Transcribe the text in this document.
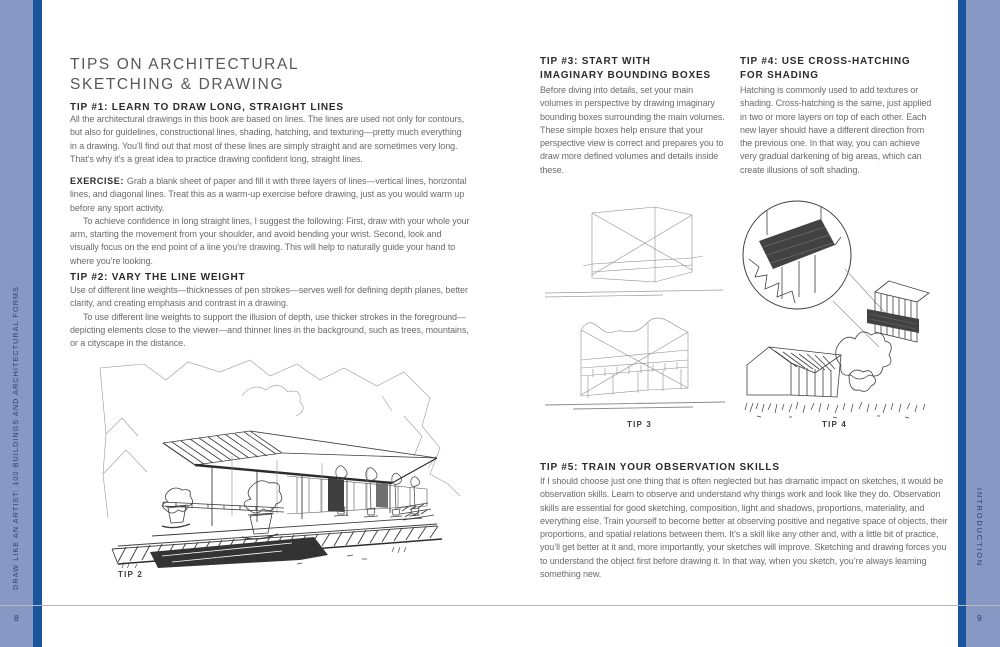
DRAW LIKE AN ARTIST: 100 BUILDINGS AND ARCHITECTURAL FORMS	INTRODUCTION
8	9
TIPS ON ARCHITECTURAL
SKETCHING & DRAWING
TIP #1: LEARN TO DRAW LONG, STRAIGHT LINES

All the architectural drawings in this book are based on lines. The lines are used not only for contours, but also for guidelines, constructional lines, shading, hatching, and texturing—pretty much everything in a drawing. You’ll find out that most of these lines are simply straight and are sometimes very long. That’s why it’s a great idea to practice drawing confident long, straight lines.

EXERCISE: Grab a blank sheet of paper and fill it with three layers of lines—vertical lines, horizontal lines, and diagonal lines. Treat this as a warm-up exercise before drawing, just as you would warm up before any sport activity.

To achieve confidence in long straight lines, I suggest the following: First, draw with your whole your arm, starting the movement from your shoulder, and avoid bending your wrist. Second, look and visually focus on the end point of a line you’re drawing. This will help to naturally guide your hand to where you’re looking.

TIP #2: VARY THE LINE WEIGHT

Use of different line weights—thicknesses of pen strokes—serves well for defining depth planes, better clarity, and creating emphasis and contrast in a drawing.

To use different line weights to support the illusion of depth, use thicker strokes in the foreground—depicting elements close to the viewer—and thinner lines in the background, such as trees, mountains, or a cityscape in the distance.

TIP 2
TIP #3: START WITH
IMAGINARY BOUNDING BOXES

Before diving into details, set your main volumes in perspective by drawing imaginary bounding boxes surrounding the main volumes. These simple boxes help ensure that your perspective view is correct and prepares you to draw more defined volumes and details inside these.

TIP #4: USE CROSS-HATCHING
FOR SHADING

Hatching is commonly used to add textures or shading. Cross-hatching is the same, just applied in two or more layers on top of each other. Each new layer should have a different direction from the previous one. In that way, you can achieve very gradual darkening of big areas, which can create illusions of soft shading.

TIP 3	TIP 4
TIP #5: TRAIN YOUR OBSERVATION SKILLS

If I should choose just one thing that is often neglected but has dramatic impact on sketches, it would be observation skills. Learn to observe and understand why things work and look like they do. Observation skills are essential for good sketching, composition, light and shadows, proportions, materiality, and everything else. Train yourself to become better at observing positive and negative space of objects, their proportions, and spatial relations between them. It’s a skill like any other and, with a little bit of practice, you’ll get better at it and, more importantly, your sketches will improve. Sketching and drawing forces you to understand the object first before drawing it. In that way, when you sketch, you’re always learning something new.
